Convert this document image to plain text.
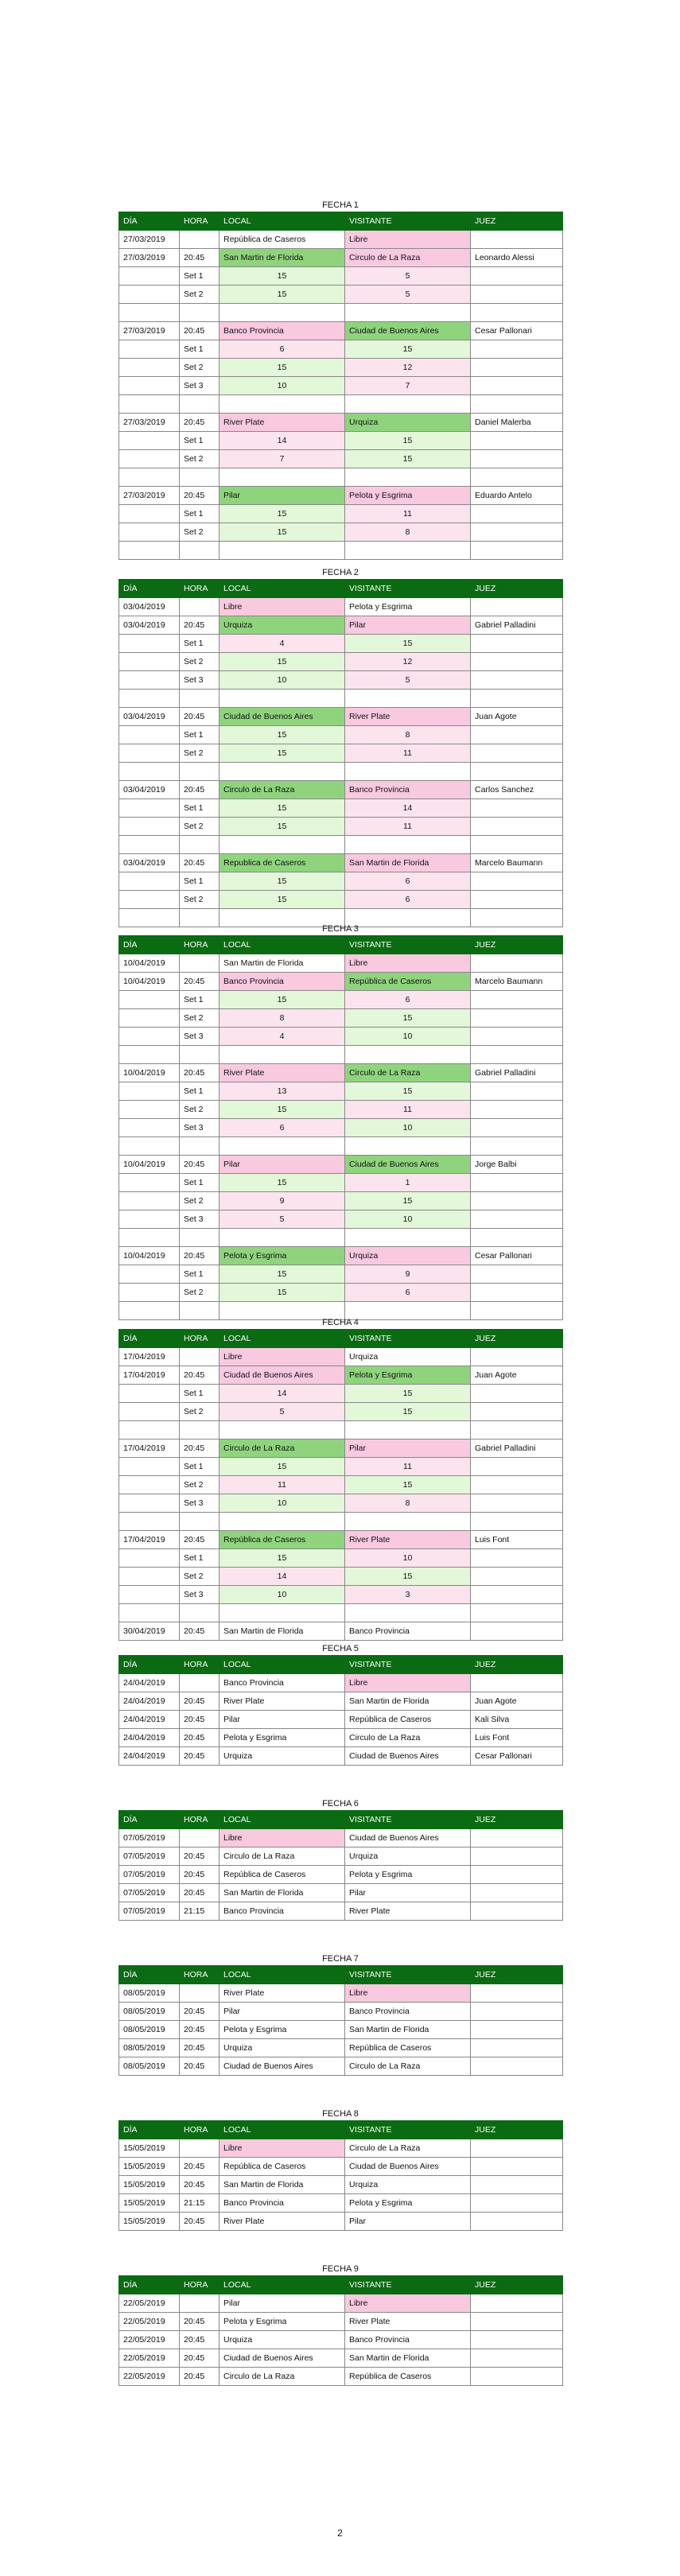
FECHA 1
DÍA	HORA	LOCAL	VISITANTE	JUEZ
27/03/2019		República de Caseros	Libre	
27/03/2019	20:45	San Martin de Florida	Circulo de La Raza	Leonardo Alessi
	Set 1	15	5	
	Set 2	15	5	

27/03/2019	20:45	Banco Provincia	Ciudad de Buenos Aires	Cesar Pallonari
	Set 1	6	15	
	Set 2	15	12	
	Set 3	10	7	

27/03/2019	20:45	River Plate	Urquiza	Daniel Malerba
	Set 1	14	15	
	Set 2	7	15	

27/03/2019	20:45	Pilar	Pelota y Esgrima	Eduardo Antelo
	Set 1	15	11	
	Set 2	15	8	

FECHA 2
DÍA	HORA	LOCAL	VISITANTE	JUEZ
03/04/2019		Libre	Pelota y Esgrima	
03/04/2019	20:45	Urquiza	Pilar	Gabriel Palladini
	Set 1	4	15	
	Set 2	15	12	
	Set 3	10	5	

03/04/2019	20:45	Ciudad de Buenos Aires	River Plate	Juan Agote
	Set 1	15	8	
	Set 2	15	11	

03/04/2019	20:45	Circulo de La Raza	Banco Provincia	Carlos Sanchez
	Set 1	15	14	
	Set 2	15	11	

03/04/2019	20:45	Republica de Caseros	San Martin de Florida	Marcelo Baumann
	Set 1	15	6	
	Set 2	15	6	

FECHA 3
DÍA	HORA	LOCAL	VISITANTE	JUEZ
10/04/2019		San Martin de Florida	Libre	
10/04/2019	20:45	Banco Provincia	República de Caseros	Marcelo Baumann
	Set 1	15	6	
	Set 2	8	15	
	Set 3	4	10	

10/04/2019	20:45	River Plate	Circulo de La Raza	Gabriel Palladini
	Set 1	13	15	
	Set 2	15	11	
	Set 3	6	10	

10/04/2019	20:45	Pilar	Ciudad de Buenos Aires	Jorge Balbi
	Set 1	15	1	
	Set 2	9	15	
	Set 3	5	10	

10/04/2019	20:45	Pelota y Esgrima	Urquiza	Cesar Pallonari
	Set 1	15	9	
	Set 2	15	6	

FECHA 4
DÍA	HORA	LOCAL	VISITANTE	JUEZ
17/04/2019		Libre	Urquiza	
17/04/2019	20:45	Ciudad de Buenos Aires	Pelota y Esgrima	Juan Agote
	Set 1	14	15	
	Set 2	5	15	

17/04/2019	20:45	Circulo de La Raza	Pilar	Gabriel Palladini
	Set 1	15	11	
	Set 2	11	15	
	Set 3	10	8	

17/04/2019	20:45	República de Caseros	River Plate	Luis Font
	Set 1	15	10	
	Set 2	14	15	
	Set 3	10	3	

30/04/2019	20:45	San Martin de Florida	Banco Provincia	
FECHA 5
DÍA	HORA	LOCAL	VISITANTE	JUEZ
24/04/2019		Banco Provincia	Libre	
24/04/2019	20:45	River Plate	San Martin de Florida	Juan Agote
24/04/2019	20:45	Pilar	República de Caseros	Kali Silva
24/04/2019	20:45	Pelota y Esgrima	Circulo de La Raza	Luis Font
24/04/2019	20:45	Urquiza	Ciudad de Buenos Aires	Cesar Pallonari
FECHA 6
DÍA	HORA	LOCAL	VISITANTE	JUEZ
07/05/2019		Libre	Ciudad de Buenos Aires	
07/05/2019	20:45	Circulo de La Raza	Urquiza	
07/05/2019	20:45	República de Caseros	Pelota y Esgrima	
07/05/2019	20:45	San Martin de Florida	Pilar	
07/05/2019	21:15	Banco Provincia	River Plate	
FECHA 7
DÍA	HORA	LOCAL	VISITANTE	JUEZ
08/05/2019		River Plate	Libre	
08/05/2019	20:45	Pilar	Banco Provincia	
08/05/2019	20:45	Pelota y Esgrima	San Martin de Florida	
08/05/2019	20:45	Urquiza	República de Caseros	
08/05/2019	20:45	Ciudad de Buenos Aires	Circulo de La Raza	
FECHA 8
DÍA	HORA	LOCAL	VISITANTE	JUEZ
15/05/2019		Libre	Circulo de La Raza	
15/05/2019	20:45	República de Caseros	Ciudad de Buenos Aires	
15/05/2019	20:45	San Martin de Florida	Urquiza	
15/05/2019	21:15	Banco Provincia	Pelota y Esgrima	
15/05/2019	20:45	River Plate	Pilar	
FECHA 9
DÍA	HORA	LOCAL	VISITANTE	JUEZ
22/05/2019		Pilar	Libre	
22/05/2019	20:45	Pelota y Esgrima	River Plate	
22/05/2019	20:45	Urquiza	Banco Provincia	
22/05/2019	20:45	Ciudad de Buenos Aires	San Martin de Florida	
22/05/2019	20:45	Circulo de La Raza	República de Caseros	
2
